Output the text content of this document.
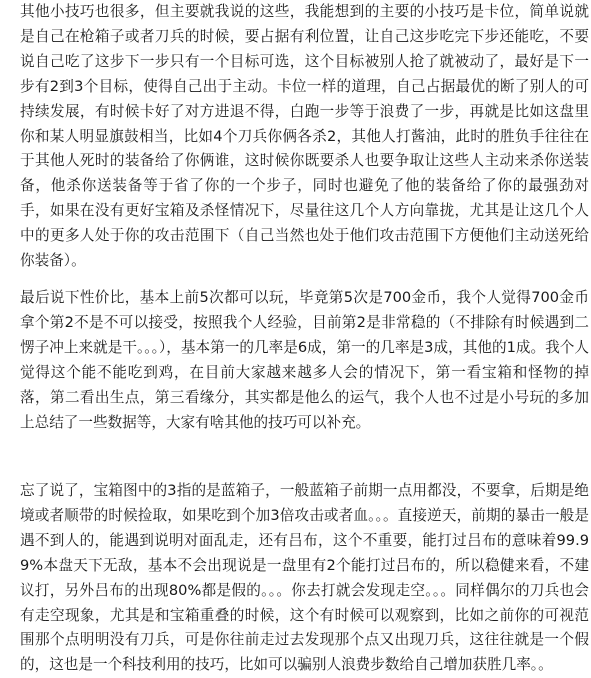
其他小技巧也很多，但主要就我说的这些，我能想到的主要的小技巧是卡位，简单说就是自己在枪箱子或者刀兵的时候，要占据有利位置，让自己这步吃完下步还能吃，不要说自己吃了这步下一步只有一个目标可选，这个目标被别人抢了就被动了，最好是下一步有2到3个目标，使得自己出于主动。卡位一样的道理，自己占据最优的断了别人的可持续发展，有时候卡好了对方进退不得，白跑一步等于浪费了一步，再就是比如这盘里你和某人明显旗鼓相当，比如4个刀兵你俩各杀2，其他人打酱油，此时的胜负手往往在于其他人死时的装备给了你俩谁，这时候你既要杀人也要争取让这些人主动来杀你送装备，他杀你送装备等于省了你的一个步子，同时也避免了他的装备给了你的最强劲对手，如果在没有更好宝箱及杀怪情况下，尽量往这几个人方向靠拢，尤其是让这几个人中的更多人处于你的攻击范围下（自己当然也处于他们攻击范围下方便他们主动送死给你装备）。

最后说下性价比，基本上前5次都可以玩，毕竟第5次是700金币，我个人觉得700金币拿个第2不是不可以接受，按照我个人经验，目前第2是非常稳的（不排除有时候遇到二愣子冲上来就是干。。。），基本第一的几率是6成，第一的几率是3成，其他的1成。我个人觉得这个能不能吃到鸡，在目前大家越来越多人会的情况下，第一看宝箱和怪物的掉落，第二看出生点，第三看缘分，其实都是他么的运气，我个人也不过是小号玩的多加上总结了一些数据等，大家有啥其他的技巧可以补充。

忘了说了，宝箱图中的3指的是蓝箱子，一般蓝箱子前期一点用都没，不要拿，后期是绝境或者顺带的时候捡取，如果吃到个加3倍攻击或者血。。。直接逆天，前期的暴击一般是遇不到人的，能遇到说明对面乱走，还有吕布，这个不重要，能打过吕布的意味着99.99%本盘天下无敌，基本不会出现说是一盘里有2个能打过吕布的，所以稳健来看，不建议打，另外吕布的出现80%都是假的。。。你去打就会发现走空。。。同样偶尔的刀兵也会有走空现象，尤其是和宝箱重叠的时候，这个有时候可以观察到，比如之前你的可视范围那个点明明没有刀兵，可是你往前走过去发现那个点又出现刀兵，这往往就是一个假的，这也是一个科技利用的技巧，比如可以骗别人浪费步数给自己增加获胜几率。。
